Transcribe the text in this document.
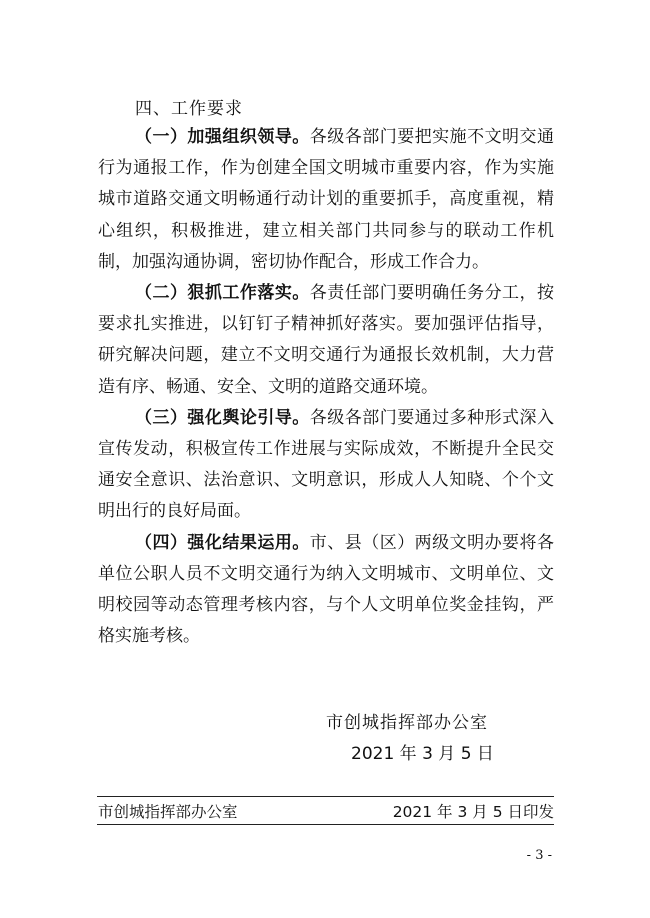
四、工作要求

（一）加强组织领导。各级各部门要把实施不文明交通行为通报工作，作为创建全国文明城市重要内容，作为实施城市道路交通文明畅通行动计划的重要抓手，高度重视，精心组织，积极推进，建立相关部门共同参与的联动工作机制，加强沟通协调，密切协作配合，形成工作合力。

（二）狠抓工作落实。各责任部门要明确任务分工，按要求扎实推进，以钉钉子精神抓好落实。要加强评估指导，研究解决问题，建立不文明交通行为通报长效机制，大力营造有序、畅通、安全、文明的道路交通环境。

（三）强化舆论引导。各级各部门要通过多种形式深入宣传发动，积极宣传工作进展与实际成效，不断提升全民交通安全意识、法治意识、文明意识，形成人人知晓、个个文明出行的良好局面。

（四）强化结果运用。市、县（区）两级文明办要将各单位公职人员不文明交通行为纳入文明城市、文明单位、文明校园等动态管理考核内容，与个人文明单位奖金挂钩，严格实施考核。

市创城指挥部办公室
2021 年 3 月 5 日
市创城指挥部办公室	2021 年 3 月 5 日印发
- 3 -
